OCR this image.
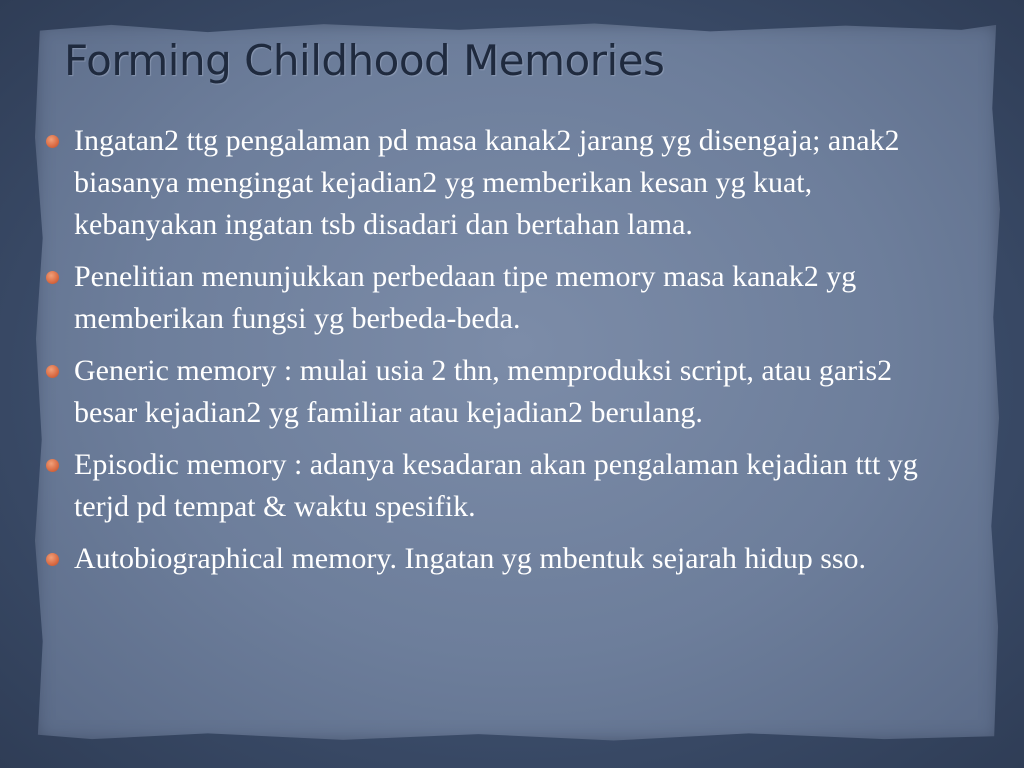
Forming Childhood Memories
Ingatan2 ttg pengalaman pd masa kanak2 jarang yg disengaja; anak2 biasanya mengingat kejadian2 yg memberikan kesan yg kuat, kebanyakan ingatan tsb disadari dan bertahan lama.
Penelitian menunjukkan perbedaan tipe memory masa kanak2 yg memberikan fungsi yg berbeda-beda.
Generic memory : mulai usia 2 thn, memproduksi script, atau garis2 besar kejadian2 yg familiar atau kejadian2 berulang.
Episodic memory : adanya kesadaran akan pengalaman kejadian ttt yg terjd pd tempat & waktu spesifik.
Autobiographical memory. Ingatan yg mbentuk sejarah hidup sso.
